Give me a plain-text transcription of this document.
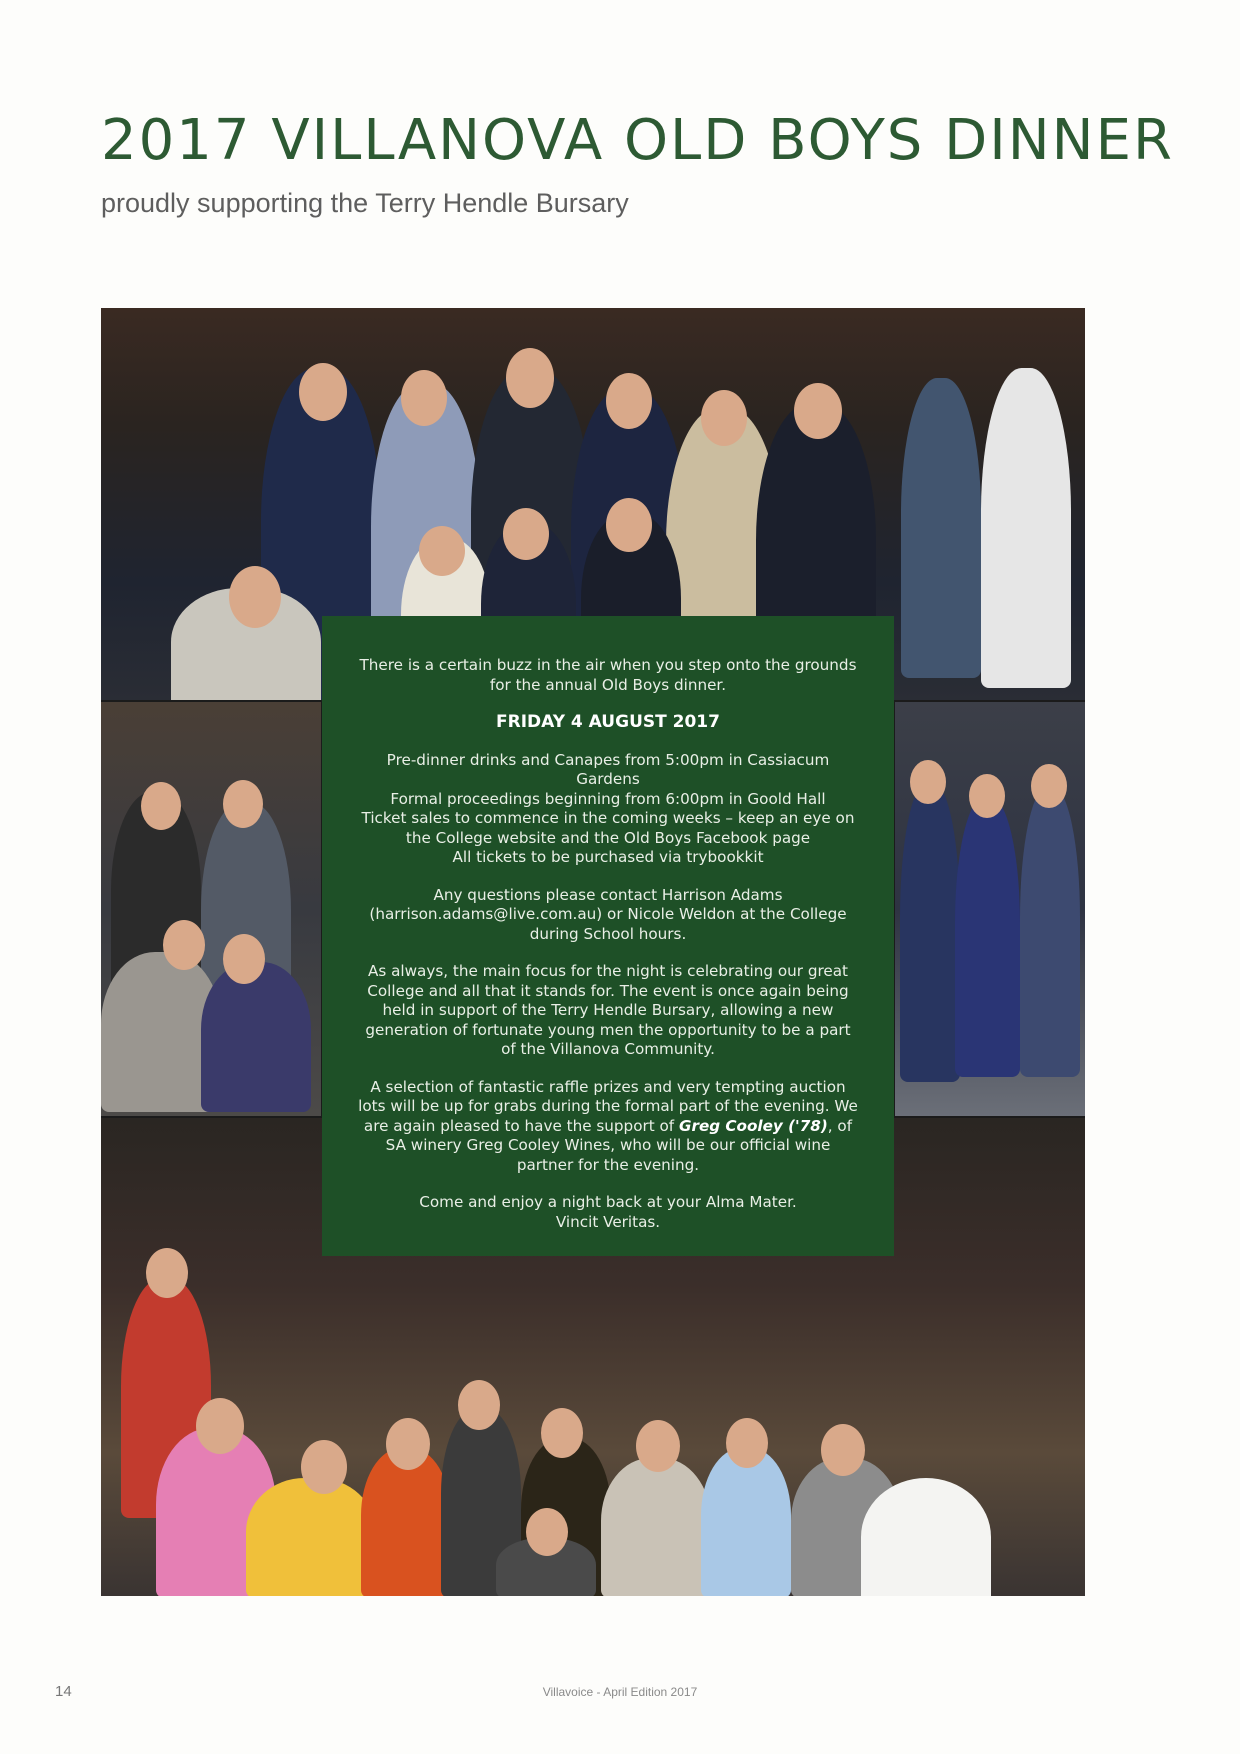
2017 VILLANOVA OLD BOYS DINNER

proudly supporting the Terry Hendle Bursary

There is a certain buzz in the air when you step onto the grounds for the annual Old Boys dinner.

FRIDAY 4 AUGUST 2017

Pre-dinner drinks and Canapes from 5:00pm in Cassiacum Gardens
Formal proceedings beginning from 6:00pm in Goold Hall
Ticket sales to commence in the coming weeks – keep an eye on the College website and the Old Boys Facebook page
All tickets to be purchased via trybookkit

Any questions please contact Harrison Adams (harrison.adams@live.com.au) or Nicole Weldon at the College during School hours.

As always, the main focus for the night is celebrating our great College and all that it stands for. The event is once again being held in support of the Terry Hendle Bursary, allowing a new generation of fortunate young men the opportunity to be a part of the Villanova Community.

A selection of fantastic raffle prizes and very tempting auction lots will be up for grabs during the formal part of the evening. We are again pleased to have the support of Greg Cooley ('78), of SA winery Greg Cooley Wines, who will be our official wine partner for the evening.

Come and enjoy a night back at your Alma Mater.
Vincit Veritas.

14	Villavoice - April Edition 2017
